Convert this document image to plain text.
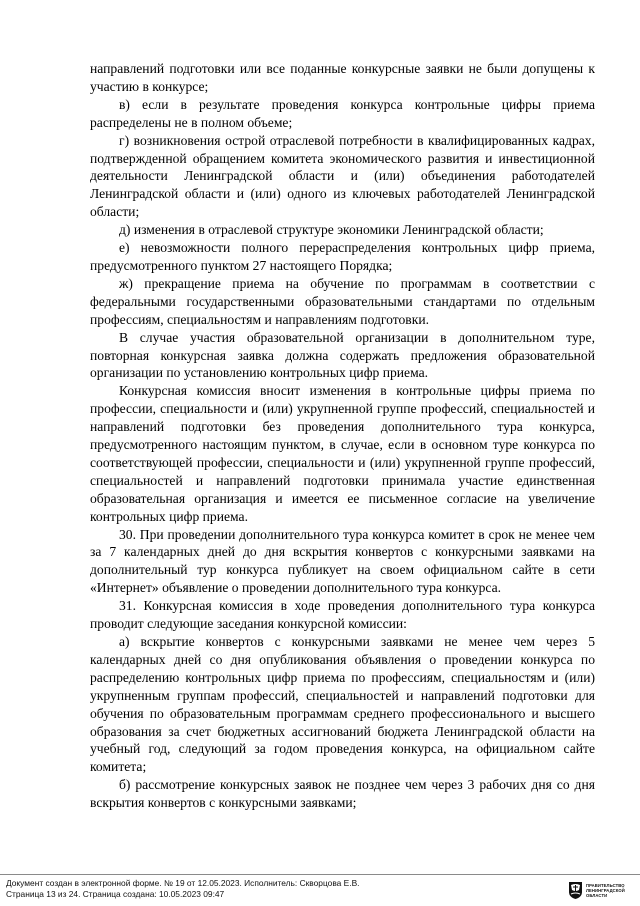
направлений подготовки или все поданные конкурсные заявки не были допущены к участию в конкурсе;

в) если в результате проведения конкурса контрольные цифры приема распределены не в полном объеме;

г) возникновения острой отраслевой потребности в квалифицированных кадрах, подтвержденной обращением комитета экономического развития и инвестиционной деятельности Ленинградской области и (или) объединения работодателей Ленинградской области и (или) одного из ключевых работодателей Ленинградской области;

д) изменения в отраслевой структуре экономики Ленинградской области;

е) невозможности полного перераспределения контрольных цифр приема, предусмотренного пунктом 27 настоящего Порядка;

ж) прекращение приема на обучение по программам в соответствии с федеральными государственными образовательными стандартами по отдельным профессиям, специальностям и направлениям подготовки.

В случае участия образовательной организации в дополнительном туре, повторная конкурсная заявка должна содержать предложения образовательной организации по установлению контрольных цифр приема.

Конкурсная комиссия вносит изменения в контрольные цифры приема по профессии, специальности и (или) укрупненной группе профессий, специальностей и направлений подготовки без проведения дополнительного тура конкурса, предусмотренного настоящим пунктом, в случае, если в основном туре конкурса по соответствующей профессии, специальности и (или) укрупненной группе профессий, специальностей и направлений подготовки принимала участие единственная образовательная организация и имеется ее письменное согласие на увеличение контрольных цифр приема.

30. При проведении дополнительного тура конкурса комитет в срок не менее чем за 7 календарных дней до дня вскрытия конвертов с конкурсными заявками на дополнительный тур конкурса публикует на своем официальном сайте в сети «Интернет» объявление о проведении дополнительного тура конкурса.

31. Конкурсная комиссия в ходе проведения дополнительного тура конкурса проводит следующие заседания конкурсной комиссии:

а) вскрытие конвертов с конкурсными заявками не менее чем через 5 календарных дней со дня опубликования объявления о проведении конкурса по распределению контрольных цифр приема по профессиям, специальностям и (или) укрупненным группам профессий, специальностей и направлений подготовки для обучения по образовательным программам среднего профессионального и высшего образования за счет бюджетных ассигнований бюджета Ленинградской области на учебный год, следующий за годом проведения конкурса, на официальном сайте комитета;

б) рассмотрение конкурсных заявок не позднее чем через 3 рабочих дня со дня вскрытия конвертов с конкурсными заявками;

Документ создан в электронной форме. № 19 от 12.05.2023. Исполнитель: Скворцова Е.В.
Страница 13 из 24. Страница создана: 10.05.2023 09:47
ПРАВИТЕЛЬСТВО
ЛЕНИНГРАДСКОЙ
ОБЛАСТИ
